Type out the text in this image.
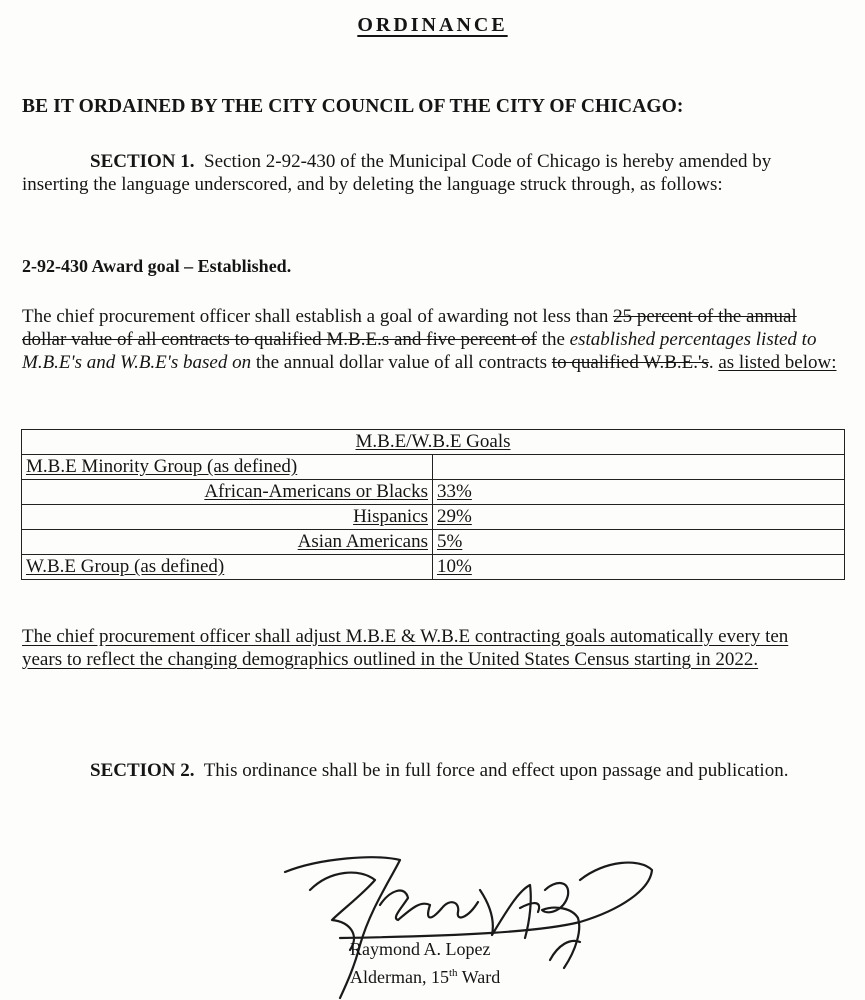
ORDINANCE
BE IT ORDAINED BY THE CITY COUNCIL OF THE CITY OF CHICAGO:
SECTION 1. Section 2-92-430 of the Municipal Code of Chicago is hereby amended by inserting the language underscored, and by deleting the language struck through, as follows:
2-92-430 Award goal – Established.
The chief procurement officer shall establish a goal of awarding not less than 25 percent of the annual dollar value of all contracts to qualified M.B.E.s and five percent of the established percentages listed to M.B.E's and W.B.E's based on the annual dollar value of all contracts to qualified W.B.E.'s. as listed below:
M.B.E/W.B.E Goals	
M.B.E Minority Group (as defined)	
African-Americans or Blacks	33%
Hispanics	29%
Asian Americans	5%
W.B.E Group (as defined)	10%
The chief procurement officer shall adjust M.B.E & W.B.E contracting goals automatically every ten years to reflect the changing demographics outlined in the United States Census starting in 2022.
SECTION 2. This ordinance shall be in full force and effect upon passage and publication.
Raymond A. Lopez
Alderman, 15th Ward
